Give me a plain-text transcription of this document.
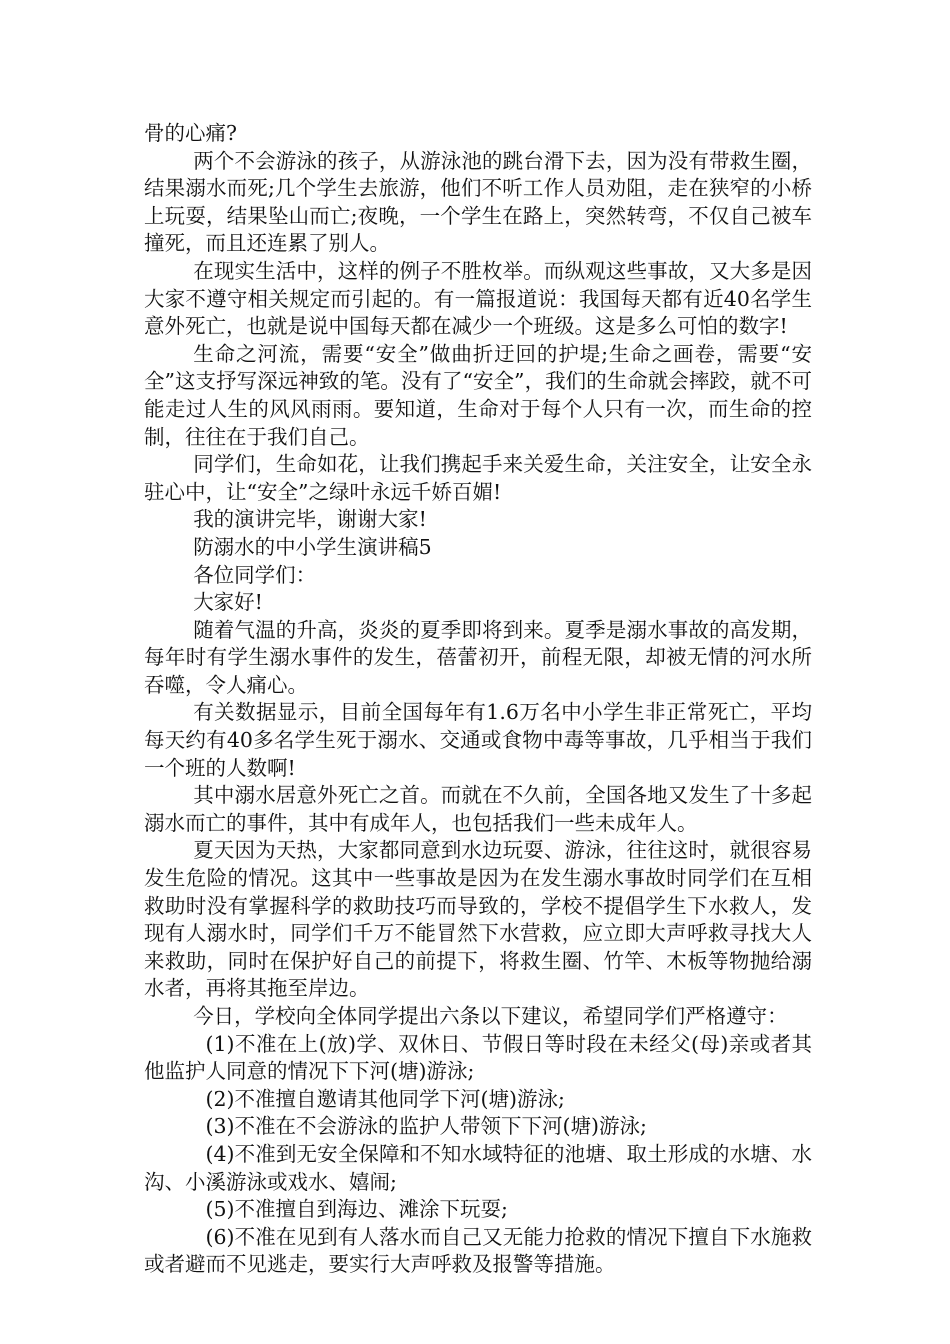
骨的心痛?

两个不会游泳的孩子，从游泳池的跳台滑下去，因为没有带救生圈，结果溺水而死;几个学生去旅游，他们不听工作人员劝阻，走在狭窄的小桥上玩耍，结果坠山而亡;夜晚，一个学生在路上，突然转弯，不仅自己被车撞死，而且还连累了别人。

在现实生活中，这样的例子不胜枚举。而纵观这些事故，又大多是因大家不遵守相关规定而引起的。有一篇报道说：我国每天都有近40名学生意外死亡，也就是说中国每天都在减少一个班级。这是多么可怕的数字!

生命之河流，需要“安全”做曲折迂回的护堤;生命之画卷，需要“安全”这支抒写深远神致的笔。没有了“安全”，我们的生命就会摔跤，就不可能走过人生的风风雨雨。要知道，生命对于每个人只有一次，而生命的控制，往往在于我们自己。

同学们，生命如花，让我们携起手来关爱生命，关注安全，让安全永驻心中，让“安全”之绿叶永远千娇百媚!

我的演讲完毕，谢谢大家!

防溺水的中小学生演讲稿5

各位同学们：

大家好!

随着气温的升高，炎炎的夏季即将到来。夏季是溺水事故的高发期，每年时有学生溺水事件的发生，蓓蕾初开，前程无限，却被无情的河水所吞噬，令人痛心。

有关数据显示，目前全国每年有1.6万名中小学生非正常死亡，平均每天约有40多名学生死于溺水、交通或食物中毒等事故，几乎相当于我们一个班的人数啊!

其中溺水居意外死亡之首。而就在不久前，全国各地又发生了十多起溺水而亡的事件，其中有成年人，也包括我们一些未成年人。

夏天因为天热，大家都同意到水边玩耍、游泳，往往这时，就很容易发生危险的情况。这其中一些事故是因为在发生溺水事故时同学们在互相救助时没有掌握科学的救助技巧而导致的，学校不提倡学生下水救人，发现有人溺水时，同学们千万不能冒然下水营救，应立即大声呼救寻找大人来救助，同时在保护好自己的前提下，将救生圈、竹竿、木板等物抛给溺水者，再将其拖至岸边。

今日，学校向全体同学提出六条以下建议，希望同学们严格遵守：

(1)不准在上(放)学、双休日、节假日等时段在未经父(母)亲或者其他监护人同意的情况下下河(塘)游泳;

(2)不准擅自邀请其他同学下河(塘)游泳;

(3)不准在不会游泳的监护人带领下下河(塘)游泳;

(4)不准到无安全保障和不知水域特征的池塘、取土形成的水塘、水沟、小溪游泳或戏水、嬉闹;

(5)不准擅自到海边、滩涂下玩耍;

(6)不准在见到有人落水而自己又无能力抢救的情况下擅自下水施救或者避而不见逃走，要实行大声呼救及报警等措施。
